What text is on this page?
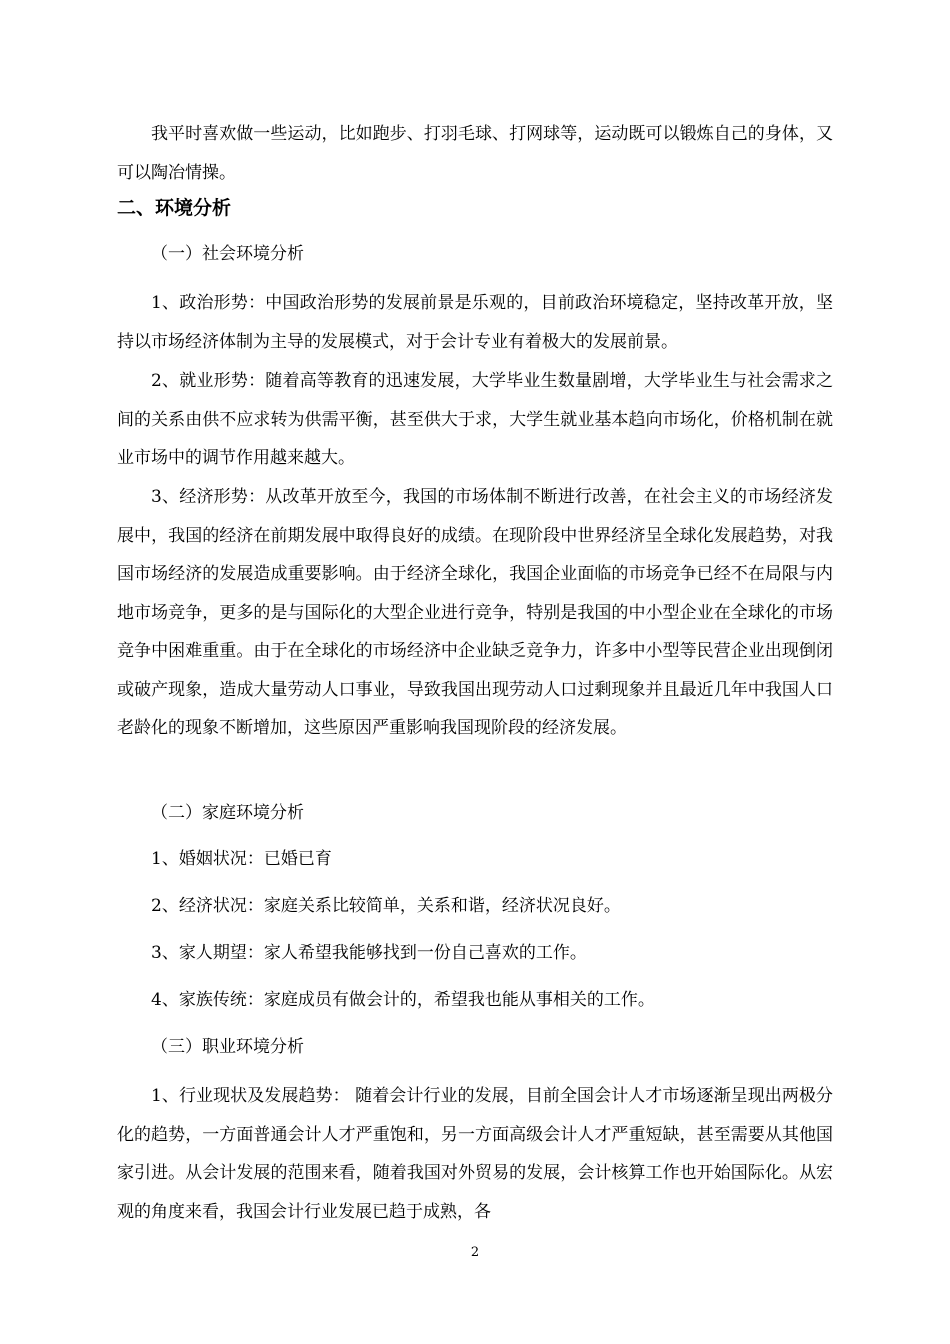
我平时喜欢做一些运动，比如跑步、打羽毛球、打网球等，运动既可以锻炼自己的身体，又可以陶冶情操。

二、环境分析
（一）社会环境分析

1、政治形势：中国政治形势的发展前景是乐观的，目前政治环境稳定，坚持改革开放，坚持以市场经济体制为主导的发展模式，对于会计专业有着极大的发展前景。

2、就业形势：随着高等教育的迅速发展，大学毕业生数量剧增，大学毕业生与社会需求之间的关系由供不应求转为供需平衡，甚至供大于求，大学生就业基本趋向市场化，价格机制在就业市场中的调节作用越来越大。

3、经济形势：从改革开放至今，我国的市场体制不断进行改善，在社会主义的市场经济发展中，我国的经济在前期发展中取得良好的成绩。在现阶段中世界经济呈全球化发展趋势，对我国市场经济的发展造成重要影响。由于经济全球化，我国企业面临的市场竞争已经不在局限与内地市场竞争，更多的是与国际化的大型企业进行竞争，特别是我国的中小型企业在全球化的市场竞争中困难重重。由于在全球化的市场经济中企业缺乏竞争力，许多中小型等民营企业出现倒闭或破产现象，造成大量劳动人口事业，导致我国出现劳动人口过剩现象并且最近几年中我国人口老龄化的现象不断增加，这些原因严重影响我国现阶段的经济发展。

（二）家庭环境分析
1、婚姻状况：已婚已育
2、经济状况：家庭关系比较简单，关系和谐，经济状况良好。
3、家人期望：家人希望我能够找到一份自己喜欢的工作。
4、家族传统：家庭成员有做会计的，希望我也能从事相关的工作。
（三）职业环境分析

1、行业现状及发展趋势： 随着会计行业的发展，目前全国会计人才市场逐渐呈现出两极分化的趋势，一方面普通会计人才严重饱和，另一方面高级会计人才严重短缺，甚至需要从其他国家引进。从会计发展的范围来看，随着我国对外贸易的发展，会计核算工作也开始国际化。从宏观的角度来看，我国会计行业发展已趋于成熟，各

2
